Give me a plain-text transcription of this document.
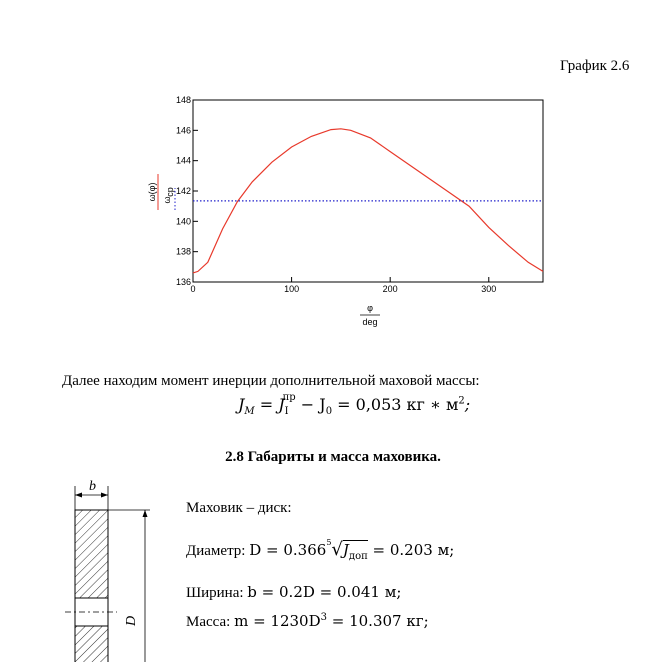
График 2.6
136
138
140
142
144
146
148
0	100	200	300
ω(φ) ω
cp
φ
deg
Далее находим момент инерции дополнительной маховой массы:
$J_M = J_I^{пр} - J_0 = 0,053$ кг ∗ $м^2$;
2.8 Габариты и масса маховика.
Маховик – диск:
Диаметр: $D = 0.366^5√J_{доп} = 0.203$ м;
Ширина: b = 0.2D = 0.041 м;
Масса: $m = 1230D^3 = 10.307$ кг;
b
D
